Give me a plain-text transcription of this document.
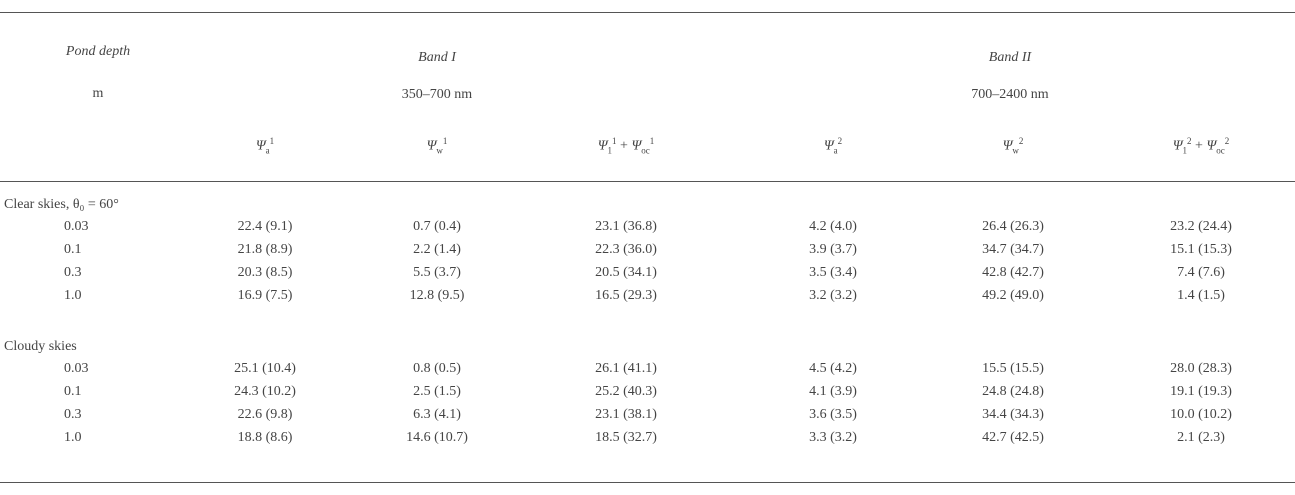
Pond depth
m
Band I
350–700 nm
Band II
700–2400 nm
$\Psi_a^1$	$\Psi_w^1$	$\Psi_1^1 + \Psi_{oc}^1$	$\Psi_a^2$	$\Psi_w^2$	$\Psi_1^2 + \Psi_{oc}^2$
Clear skies, θ₀ = 60°
0.03	22.4 (9.1)	0.7 (0.4)	23.1 (36.8)	4.2 (4.0)	26.4 (26.3)	23.2 (24.4)
0.1	21.8 (8.9)	2.2 (1.4)	22.3 (36.0)	3.9 (3.7)	34.7 (34.7)	15.1 (15.3)
0.3	20.3 (8.5)	5.5 (3.7)	20.5 (34.1)	3.5 (3.4)	42.8 (42.7)	7.4 (7.6)
1.0	16.9 (7.5)	12.8 (9.5)	16.5 (29.3)	3.2 (3.2)	49.2 (49.0)	1.4 (1.5)
Cloudy skies
0.03	25.1 (10.4)	0.8 (0.5)	26.1 (41.1)	4.5 (4.2)	15.5 (15.5)	28.0 (28.3)
0.1	24.3 (10.2)	2.5 (1.5)	25.2 (40.3)	4.1 (3.9)	24.8 (24.8)	19.1 (19.3)
0.3	22.6 (9.8)	6.3 (4.1)	23.1 (38.1)	3.6 (3.5)	34.4 (34.3)	10.0 (10.2)
1.0	18.8 (8.6)	14.6 (10.7)	18.5 (32.7)	3.3 (3.2)	42.7 (42.5)	2.1 (2.3)
